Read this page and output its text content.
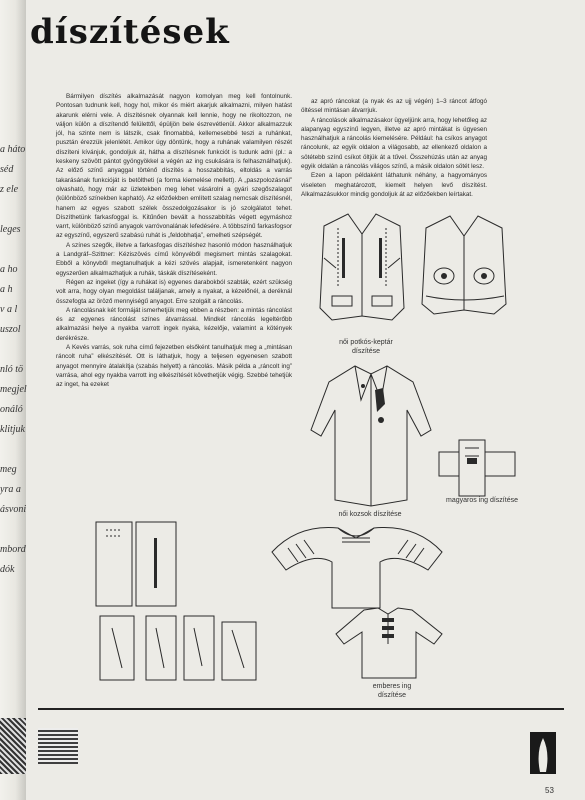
a háto
séd
z ele

leges

a ho
a h
v a l
uszol

nló tö
megjel
onáló
klitjuk

meg
yra a
ásvoni

mbord
dók
díszítések

Bármilyen díszítés alkalmazását nagyon komolyan meg kell fontolnunk. Pontosan tudnunk kell, hogy hol, mikor és miért akarjuk alkalmazni, milyen hatást akarunk elérni vele. A díszítésnek olyannak kell lennie, hogy ne rikoltozzon, ne váljon külön a díszítendő felülettől, épüljön bele észrevétlenül. Akkor alkalmazzuk jól, ha szinte nem is látszik, csak finomabbá, kellemesebbé teszi a ruhánkat, pusztán érezzük jelenlétét. Amikor úgy döntünk, hogy a ruhának valamilyen részét díszíteni kívánjuk, gondoljuk át, hátha a díszítésnek funkciót is tudunk adni (pl.: a keskeny szövött pántot gyöngyökkel a végén az ing csukására is felhasználhatjuk). Az előző színű anyaggal történő díszítés a hosszabbítás, eltoldás a varrás takarásának funkcióját is betöltheti (a forma kiemelése mellett). A „paszpolozásnál” olvasható, hogy már az üzletekben meg lehet vásárolni a gyári szegőszalagot (különböző színekben kapható). Az előzőekben említett szalag nemcsak díszítésnél, hanem az egyes szabott szélek összedolgozásakor is jó szolgálatot tehet. Díszíthetünk farkasfoggal is. Kitűnően bevált a hosszabbítás végett egymáshoz varrt, különböző színű anyagok varróvonalának lefedésére. A többszínű farkasfogsor az egyszínű, egyszerű szabású ruhát is „feldobhatja”, emelheti szépségét.

A színes szegők, illetve a farkasfogas díszítéshez hasonló módon használhatjuk a Landgráf–Szittner: Kéziszövés című könyvéből megismert mintás szalagokat. Ebből a könyvből megtanulhatjuk a kézi szövés alapjait, ismeretenként nagyon egyszerűen alkalmazhatjuk a ruhák, táskák díszítéseként.

Régen az ingeket (így a ruhákat is) egyenes darabokból szabták, ezért szükség volt arra, hogy olyan megoldást találjanak, amely a nyakat, a kézelőnél, a deréknál összefogta az öröző mennyiségű anyagot. Erre szolgált a ráncolás.

A ráncolásnak két formáját ismerhetjük meg ebben a részben: a mintás ráncolást és az egyenes ráncolást színes átvarrással. Mindkét ráncolás legeltérőbb alkalmazási helye a nyakba varrott ingek nyaka, kézelője, valamint a kötények derékrésze.

A Kevés varrás, sok ruha című fejezetben elsőként tanulhatjuk meg a „mintásan ráncolt ruha” elkészítését. Ott is láthatjuk, hogy a teljesen egyenesen szabott anyagot mennyire átalakítja (szabás helyett) a ráncolás. Másik példa a „ráncolt ing” varrása, ahol egy nyakba varrott ing elkészítését követhetjük végig. Szebbé tehetjük az inget, ha ezeket

az apró ráncokat (a nyak és az ujj végén) 1–3 ráncot átfogó öltéssel mintásan átvarrjuk.

A ráncolások alkalmazásakor ügyeljünk arra, hogy lehetőleg az alapanyag egyszínű legyen, illetve az apró mintákat is ügyesen használhatjuk a ráncolás kiemelésére. Például: ha csíkos anyagot ráncolunk, az egyik oldalon a világosabb, az ellenkező oldalon a sötétebb színű csíkot öltjük át a tűvel. Összehúzás után az anyag egyik oldalán a ráncolás világos színű, a másik oldalon sötét lesz.

Ezen a lapon példaként láthatunk néhány, a hagyományos viseleten meghatározott, kiemelt helyen levő díszítést. Alkalmazásukkor mindig gondoljuk át az előzőekben leírtakat.

női potkós-keptár
díszítése
női kozsok díszítése
magyaros ing díszítése
emberes ing
díszítése
53
